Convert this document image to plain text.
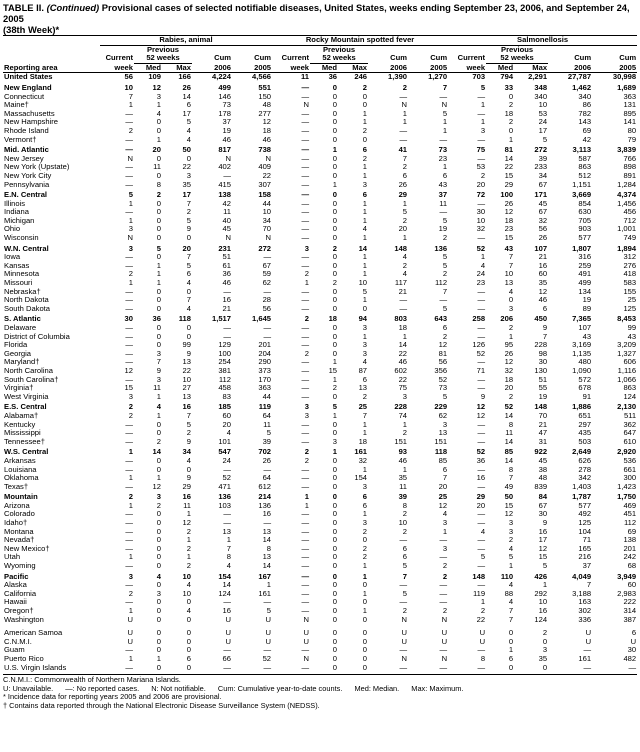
TABLE II. (Continued) Provisional cases of selected notifiable diseases, United States, weeks ending September 23, 2006, and September 24, 2005
(38th Week)*
	Rabies, animal					Rocky Mountain spotted fever					Salmonellosis					
		Previous					Previous					Previous				
	Current	52 weeks		Cum	Cum	Current	52 weeks		Cum	Cum	Current	52 weeks		Cum	Cum	
Reporting area	week	Med	Max	2006	2005	week	Med	Max	2006	2005	week	Med	Max	2006	2005	
United States	56	109	166	4,224	4,566	11	36	246	1,390	1,270	703	794	2,291	27,787	30,998	
New England	10	12	26	499	551	—	0	2	2	7	5	33	348	1,462	1,689	
Connecticut	7	3	14	146	150	—	0	0	—	—	—	0	340	340	363	
Maine†	1	1	6	73	48	N	0	0	N	N	1	2	10	86	131	
Massachusetts	—	4	17	178	277	—	0	1	1	5	—	18	53	782	895	
New Hampshire	—	0	5	37	12	—	0	1	1	1	1	2	24	143	141	
Rhode Island	2	0	4	19	18	—	0	2	—	1	3	0	17	69	80	
Vermont†	—	1	4	46	46	—	0	0	—	—	—	1	5	42	79	
Mid. Atlantic	—	20	50	817	738	—	1	6	41	73	75	81	272	3,113	3,839	
New Jersey	N	0	0	N	N	—	0	2	7	23	—	14	39	587	766	
New York (Upstate)	—	11	22	402	409	—	0	1	2	1	53	22	233	863	898	
New York City	—	0	3	—	22	—	0	1	6	6	2	15	34	512	891	
Pennsylvania	—	8	35	415	307	—	1	3	26	43	20	29	67	1,151	1,284	
E.N. Central	5	2	17	138	158	—	0	6	29	37	72	100	171	3,669	4,374	
Illinois	1	0	7	42	44	—	0	1	1	11	—	26	45	854	1,456	
Indiana	—	0	2	11	10	—	0	1	5	—	30	12	67	630	456	
Michigan	1	0	5	40	34	—	0	1	2	5	10	18	32	705	712	
Ohio	3	0	9	45	70	—	0	4	20	19	32	23	56	903	1,001	
Wisconsin	N	0	0	N	N	—	0	1	1	2	—	15	26	577	749	
W.N. Central	3	5	20	231	272	3	2	14	148	136	52	43	107	1,807	1,894	
Iowa	—	0	7	51	—	—	0	1	4	5	1	7	21	316	312	
Kansas	—	1	5	61	67	—	0	1	2	5	4	7	16	259	276	
Minnesota	2	1	6	36	59	2	0	1	4	2	24	10	60	491	418	
Missouri	1	1	4	46	62	1	2	10	117	112	23	13	35	499	583	
Nebraska†	—	0	0	—	—	—	0	5	21	7	—	4	12	134	155	
North Dakota	—	0	7	16	28	—	0	1	—	—	—	0	46	19	25	
South Dakota	—	0	4	21	56	—	0	0	—	5	—	3	6	89	125	
S. Atlantic	30	36	118	1,517	1,645	2	18	94	803	643	258	206	450	7,365	8,453	
Delaware	—	0	0	—	—	—	0	3	18	6	—	2	9	107	99	
District of Columbia	—	0	0	—	—	—	0	1	1	2	—	1	7	43	43	
Florida	—	0	99	129	201	—	0	3	14	12	126	95	228	3,169	3,209	
Georgia	—	3	9	100	204	2	0	3	22	81	52	26	98	1,135	1,327	
Maryland†	—	7	13	254	290	—	1	4	46	56	—	12	30	480	606	
North Carolina	12	9	22	381	373	—	15	87	602	356	71	32	130	1,090	1,116	
South Carolina†	—	3	10	112	170	—	1	6	22	52	—	18	51	572	1,066	
Virginia†	15	11	27	458	363	—	2	13	75	73	—	20	55	678	863	
West Virginia	3	1	13	83	44	—	0	2	3	5	9	2	19	91	124	
E.S. Central	2	4	16	185	119	3	5	25	228	229	12	52	148	1,886	2,130	
Alabama†	2	1	7	60	64	3	1	7	74	62	12	14	70	651	511	
Kentucky	—	0	5	20	11	—	0	1	1	3	—	8	21	297	362	
Mississippi	—	0	2	4	5	—	0	1	2	13	—	11	47	435	647	
Tennessee†	—	2	9	101	39	—	3	18	151	151	—	14	31	503	610	
W.S. Central	1	14	34	547	702	2	1	161	93	118	52	85	922	2,649	2,920	
Arkansas	—	0	4	24	26	2	0	32	46	85	36	14	45	626	536	
Louisiana	—	0	0	—	—	—	0	1	1	6	—	8	38	278	661	
Oklahoma	1	1	9	52	64	—	0	154	35	7	16	7	48	342	300	
Texas†	—	12	29	471	612	—	0	3	11	20	—	49	839	1,403	1,423	
Mountain	2	3	16	136	214	1	0	6	39	25	29	50	84	1,787	1,750	
Arizona	1	2	11	103	136	1	0	6	8	12	20	15	67	577	469	
Colorado	—	0	1	—	16	—	0	1	2	4	—	12	30	492	451	
Idaho†	—	0	12	—	—	—	0	3	10	3	—	3	9	125	112	
Montana	—	0	2	13	13	—	0	2	2	1	4	3	16	104	69	
Nevada†	—	0	1	1	14	—	0	0	—	—	—	2	17	71	138	
New Mexico†	—	0	2	7	8	—	0	2	6	3	—	4	12	165	201	
Utah	1	0	1	8	13	—	0	2	6	—	5	5	15	216	242	
Wyoming	—	0	2	4	14	—	0	1	5	2	—	1	5	37	68	
Pacific	3	4	10	154	167	—	0	1	7	2	148	110	426	4,049	3,949	
Alaska	—	0	4	14	1	—	0	0	—	—	—	4	1	7	60	
California	2	3	10	124	161	—	0	1	5	—	119	88	292	3,188	2,983	
Hawaii	—	0	0	—	—	—	0	0	—	—	1	4	10	163	222	
Oregon†	1	0	4	16	5	—	0	1	2	2	2	7	16	302	314	
Washington	U	0	0	U	U	N	0	0	N	N	22	7	124	336	387	

American Samoa	U	0	0	U	U	U	0	0	U	U	U	0	2	U	6	
C.N.M.I.	U	0	0	U	U	U	0	0	U	U	U	0	0	U	U	
Guam	—	0	0	—	—	—	0	0	—	—	—	1	3	—	30	
Puerto Rico	1	1	6	66	52	N	0	0	N	N	8	6	35	161	482	
U.S. Virgin Islands	—	0	0	—	—	—	0	0	—	—	—	0	0	—	—	
C.N.M.I.: Commonwealth of Northern Mariana Islands.
U: Unavailable. —: No reported cases. N: Not notifiable. Cum: Cumulative year-to-date counts. Med: Median. Max: Maximum.
* Incidence data for reporting years 2005 and 2006 are provisional.
† Contains data reported through the National Electronic Disease Surveillance System (NEDSS).
